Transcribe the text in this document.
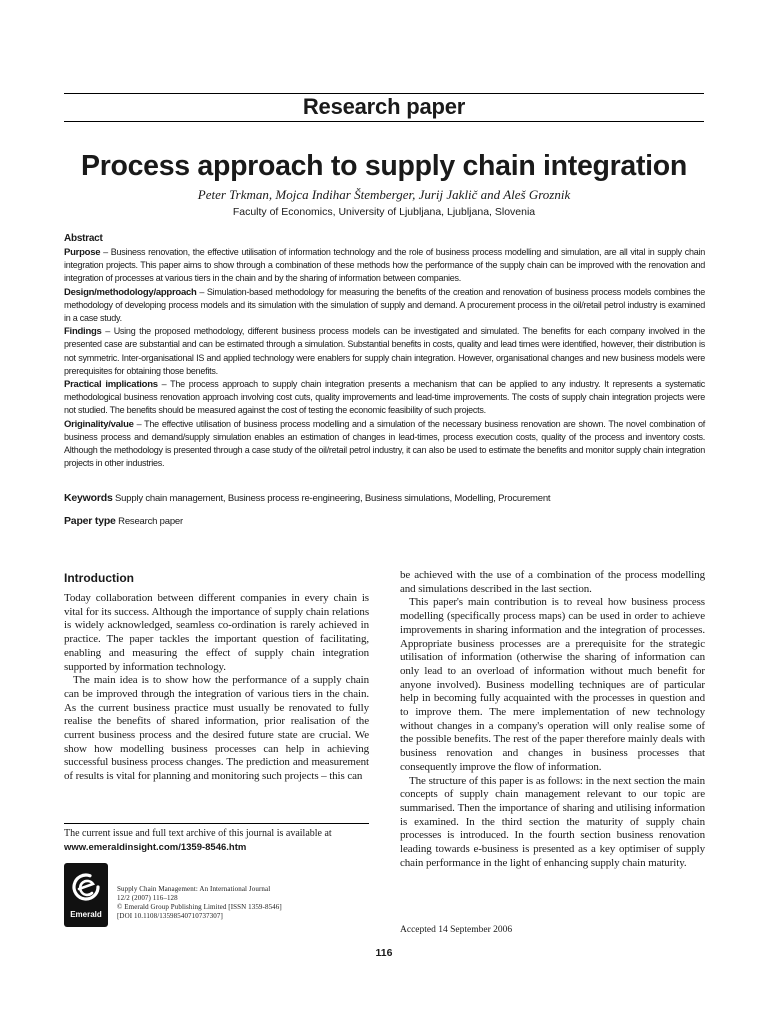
Research paper
Process approach to supply chain integration
Peter Trkman, Mojca Indihar Štemberger, Jurij Jaklič and Aleš Groznik
Faculty of Economics, University of Ljubljana, Ljubljana, Slovenia

Abstract

Purpose – Business renovation, the effective utilisation of information technology and the role of business process modelling and simulation, are all vital in supply chain integration projects. This paper aims to show through a combination of these methods how the performance of the supply chain can be improved with the renovation and integration of processes at various tiers in the chain and by the sharing of information between companies.

Design/methodology/approach – Simulation-based methodology for measuring the benefits of the creation and renovation of business process models combines the methodology of developing process models and its simulation with the simulation of supply and demand. A procurement process in the oil/retail petrol industry is examined in a case study.

Findings – Using the proposed methodology, different business process models can be investigated and simulated. The benefits for each company involved in the presented case are substantial and can be estimated through a simulation. Substantial benefits in costs, quality and lead times were identified, however, their distribution is not symmetric. Inter-organisational IS and applied technology were enablers for supply chain integration. However, organisational changes and new business models were prerequisites for obtaining those benefits.

Practical implications – The process approach to supply chain integration presents a mechanism that can be applied to any industry. It represents a systematic methodological business renovation approach involving cost cuts, quality improvements and lead-time improvements. The costs of supply chain integration projects were not studied. The benefits should be measured against the cost of testing the economic feasibility of such projects.

Originality/value – The effective utilisation of business process modelling and a simulation of the necessary business renovation are shown. The novel combination of business process and demand/supply simulation enables an estimation of changes in lead-times, process execution costs, quality of the process and inventory costs. Although the methodology is presented through a case study of the oil/retail petrol industry, it can also be used to estimate the benefits and monitor supply chain integration projects in other industries.

Keywords Supply chain management, Business process re-engineering, Business simulations, Modelling, Procurement
Paper type Research paper
Introduction

Today collaboration between different companies in every chain is vital for its success. Although the importance of supply chain relations is widely acknowledged, seamless co-ordination is rarely achieved in practice. The paper tackles the important question of facilitating, enabling and measuring the effect of supply chain integration supported by information technology.

The main idea is to show how the performance of a supply chain can be improved through the integration of various tiers in the chain. As the current business practice must usually be renovated to fully realise the benefits of shared information, prior realisation of the current business process and the desired future state are crucial. We show how modelling business processes can help in achieving successful business process changes. The prediction and measurement of results is vital for planning and monitoring such projects – this can

be achieved with the use of a combination of the process modelling and simulations described in the last section.

This paper's main contribution is to reveal how business process modelling (specifically process maps) can be used in order to achieve improvements in sharing information and the integration of processes. Appropriate business processes are a prerequisite for the strategic utilisation of information (otherwise the sharing of information can only lead to an overload of information without much benefit for anyone involved). Business modelling techniques are of particular help in becoming fully acquainted with the processes in question and to improve them. The mere implementation of new technology without changes in a company's operation will only realise some of the possible benefits. The rest of the paper therefore mainly deals with business renovation and changes in business processes that consequently improve the flow of information.

The structure of this paper is as follows: in the next section the main concepts of supply chain management relevant to our topic are summarised. Then the importance of sharing and utilising information is examined. In the third section the maturity of supply chain processes is introduced. In the fourth section business renovation leading towards e-business is presented as a key optimiser of supply chain performance in the light of enhancing supply chain maturity.

The current issue and full text archive of this journal is available at
www.emeraldinsight.com/1359-8546.htm
Emerald
Supply Chain Management: An International Journal
12/2 (2007) 116–128
© Emerald Group Publishing Limited [ISSN 1359-8546]
[DOI 10.1108/13598540710737307]
Accepted 14 September 2006
116
